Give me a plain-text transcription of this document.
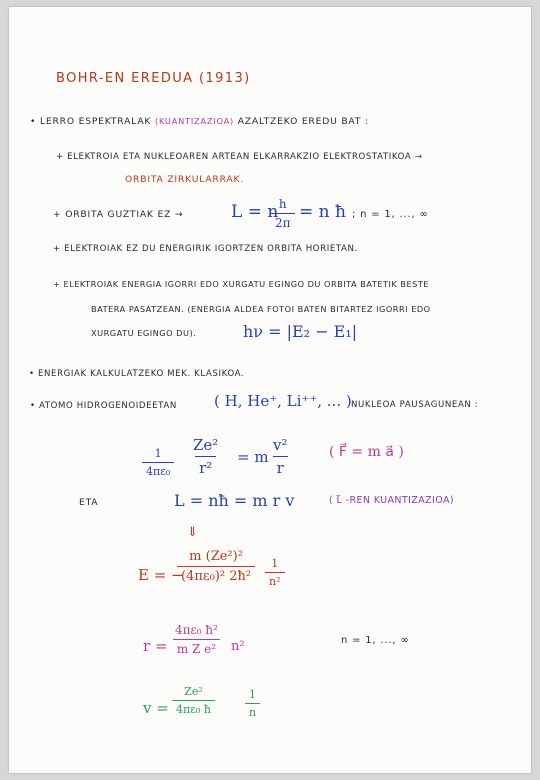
BOHR-EN EREDUA (1913)
• LERRO ESPEKTRALAK (KUANTIZAZIOA) AZALTZEKO EREDU BAT :
+ ELEKTROIA ETA NUKLEOAREN ARTEAN ELKARRAKZIO ELEKTROSTATIKOA →
ORBITA ZIRKULARRAK.
+ ORBITA GUZTIAK EZ →	L = n
$\frac{h}{2\pi} = n$ ħ ; n = 1, ..., ∞
+ ELEKTROIAK EZ DU ENERGIRIK IGORTZEN ORBITA HORIETAN.
+ ELEKTROIAK ENERGIA IGORRI EDO XURGATU EGINGO DU ORBITA BATETIK BESTE
BATERA PASATZEAN. (ENERGIA ALDEA FOTOI BATEN BITARTEZ IGORRI EDO
XURGATU EGINGO DU).	hν = |E₂ − E₁|
• ENERGIAK KALKULATZEKO MEK. KLASIKOA.
• ATOMO HIDROGENOIDEETAN ( H, He⁺, Li⁺⁺, ... ) NUKLEOA PAUSAGUNEAN :
$\frac{1}{\text{4πε₀}} \frac{\text{Ze²}}{\text{r²}} = m \frac{\text{v²}}{r}$	( F⃗ = m a⃗ )
ETA	L = nħ = m r v	( L⃗ -REN KUANTIZAZIOA)
⇓
E = −
$\frac{\text{m (Ze²)²}}{\text{(4πε₀)² 2ħ²}} \frac{1}{\text{n²}}$
$r = \frac{\text{4πε₀ ħ²}}{\text{m Z e²}} n^2$	n = 1, ..., ∞
$v = \frac{\text{Ze²}}{\text{4πε₀ ħ}}$	$\frac{1}{n}$
